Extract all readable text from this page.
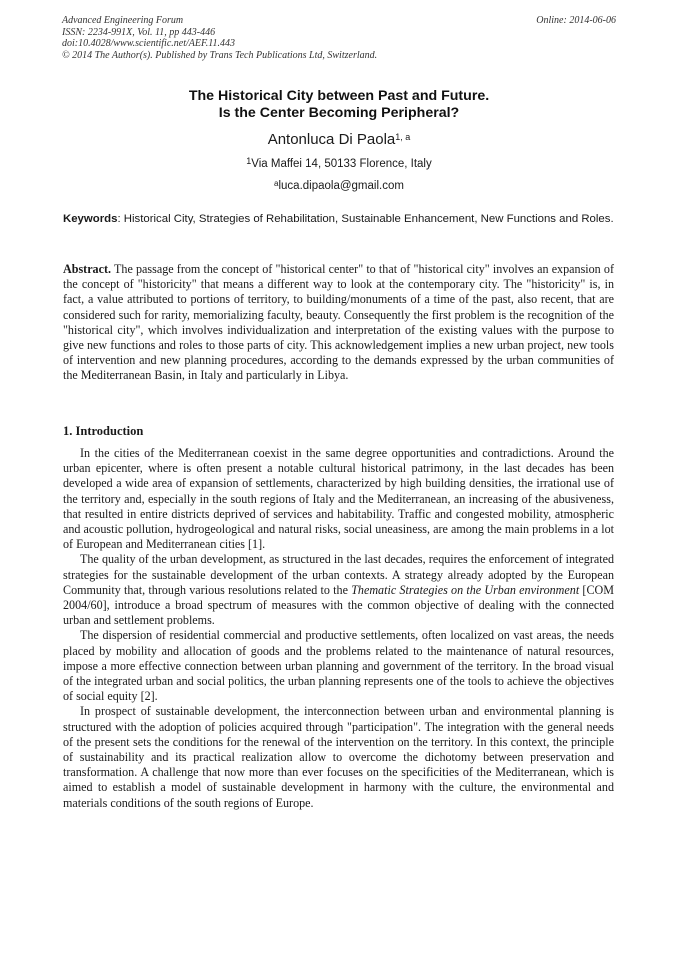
Advanced Engineering Forum
ISSN: 2234-991X, Vol. 11, pp 443-446
doi:10.4028/www.scientific.net/AEF.11.443
© 2014 The Author(s). Published by Trans Tech Publications Ltd, Switzerland.
Online: 2014-06-06
The Historical City between Past and Future.
Is the Center Becoming Peripheral?
Antonluca Di Paola$^{1, a}$
$^1$Via Maffei 14, 50133 Florence, Italy
$^a$luca.dipaola@gmail.com
Keywords: Historical City, Strategies of Rehabilitation, Sustainable Enhancement, New Functions and Roles.

Abstract. The passage from the concept of "historical center" to that of "historical city" involves an expansion of the concept of "historicity" that means a different way to look at the contemporary city. The "historicity" is, in fact, a value attributed to portions of territory, to building/monuments of a time of the past, also recent, that are considered such for rarity, memorializing faculty, beauty. Consequently the first problem is the recognition of the "historical city", which involves individualization and interpretation of the existing values with the purpose to give new functions and roles to those parts of city. This acknowledgement implies a new urban project, new tools of intervention and new planning procedures, according to the demands expressed by the urban communities of the Mediterranean Basin, in Italy and particularly in Libya.

1. Introduction

In the cities of the Mediterranean coexist in the same degree opportunities and contradictions. Around the urban epicenter, where is often present a notable cultural historical patrimony, in the last decades has been developed a wide area of expansion of settlements, characterized by high building densities, the irrational use of the territory and, especially in the south regions of Italy and the Mediterranean, an increasing of the abusiveness, that resulted in entire districts deprived of services and habitability. Traffic and congested mobility, atmospheric and acoustic pollution, hydrogeological and natural risks, social uneasiness, are among the main problems in a lot of European and Mediterranean cities [1].

The quality of the urban development, as structured in the last decades, requires the enforcement of integrated strategies for the sustainable development of the urban contexts. A strategy already adopted by the European Community that, through various resolutions related to the Thematic Strategies on the Urban environment [COM 2004/60], introduce a broad spectrum of measures with the common objective of dealing with the connected urban and settlement problems.

The dispersion of residential commercial and productive settlements, often localized on vast areas, the needs placed by mobility and allocation of goods and the problems related to the maintenance of natural resources, impose a more effective connection between urban planning and government of the territory. In the broad visual of the integrated urban and social politics, the urban planning represents one of the tools to achieve the objectives of social equity [2].

In prospect of sustainable development, the interconnection between urban and environmental planning is structured with the adoption of policies acquired through "participation". The integration with the general needs of the present sets the conditions for the renewal of the intervention on the territory. In this context, the principle of sustainability and its practical realization allow to overcome the dichotomy between preservation and transformation. A challenge that now more than ever focuses on the specificities of the Mediterranean, which is aimed to establish a model of sustainable development in harmony with the culture, the environmental and materials conditions of the south regions of Europe.
